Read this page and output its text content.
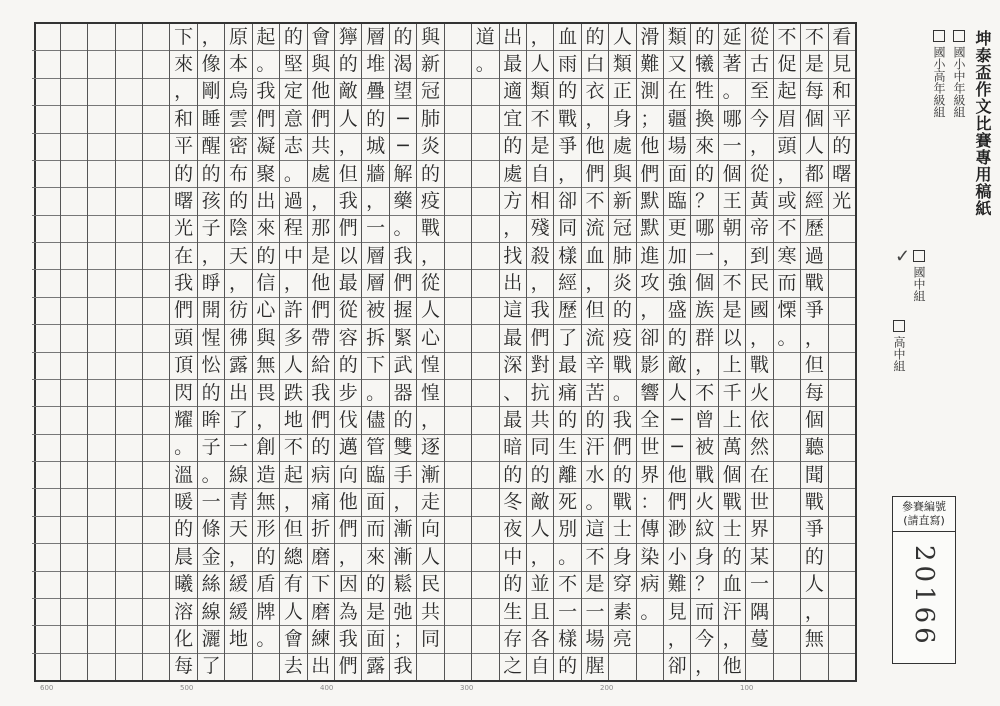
看
見
和
平
的
曙
光
不
是
每
個
人
都
經
歷
過
戰
爭
，
但
每
個
聽
聞
戰
爭
的
人
，
無
不
促
起
眉
頭
，
或
不
寒
而
慄
。
從
古
至
今
，
從
黃
帝
到
民
國
，
戰
火
依
然
在
世
界
某
一
隅
蔓
延
著
。
哪
一
個
王
朝
，
不
是
以
上
千
上
萬
個
戰
士
的
血
汗
，
他
的
犧
牲
換
來
的
？
哪
一
個
族
群
，
不
曾
被
戰
火
紋
身
？
而
今
，
類
又
在
疆
場
面
臨
更
加
強
盛
的
敵
人
─
─
他
們
渺
小
難
見
，
卻
滑
難
測
；
他
們
默
默
進
攻
，
卻
影
響
全
世
界
：
傳
染
病
。
人
類
正
身
處
與
新
冠
肺
炎
的
疫
戰
。
我
們
的
戰
士
身
穿
素
亮
的
白
衣
，
他
們
不
流
血
，
但
流
辛
苦
的
汗
水
。
這
不
是
一
場
腥
血
雨
的
戰
爭
，
卻
同
樣
經
歷
了
最
痛
的
生
離
死
別
。
不
一
樣
的
，
人
類
不
是
自
相
殘
殺
，
我
們
對
抗
共
同
的
敵
人
，
並
且
各
自
出
最
適
宜
的
處
方
，
找
出
這
最
深
、
最
暗
的
冬
夜
中
的
生
存
之
道
。
與
新
冠
肺
炎
的
疫
戰
，
從
人
心
惶
惶
，
逐
漸
走
向
人
民
共
同
的
渴
望
─
─
解
藥
。
我
們
握
緊
武
器
的
雙
手
，
漸
漸
鬆
弛
；
我
層
堆
疊
的
城
牆
，
一
層
層
被
拆
下
。
儘
管
臨
面
而
來
的
是
面
露
獰
的
敵
人
，
但
我
們
以
最
從
容
的
步
伐
邁
向
他
們
，
因
為
我
們
會
與
他
們
共
處
，
那
是
他
們
帶
給
我
們
的
病
痛
折
磨
下
磨
練
出
的
堅
定
意
志
。
過
程
中
，
許
多
人
跌
地
不
起
，
但
總
有
人
會
去
起
。
我
們
凝
聚
出
來
的
信
心
與
無
畏
，
創
造
無
形
的
盾
牌
。
原
本
烏
雲
密
布
的
陰
天
，
彷
彿
露
出
了
一
線
青
天
，
緩
緩
地
，
像
剛
睡
醒
的
孩
子
，
睜
開
惺
忪
的
眸
子
。
一
條
金
絲
線
灑
了
下
來
，
和
平
的
曙
光
在
我
們
頭
頂
閃
耀
。
溫
暖
的
晨
曦
溶
化
每
坤泰盃作文比賽專用稿紙
國小中年級組
國小高年級組
國中組
高中組
✓
參賽編號
(請直寫)
20166
100
200
300
400
500
600
